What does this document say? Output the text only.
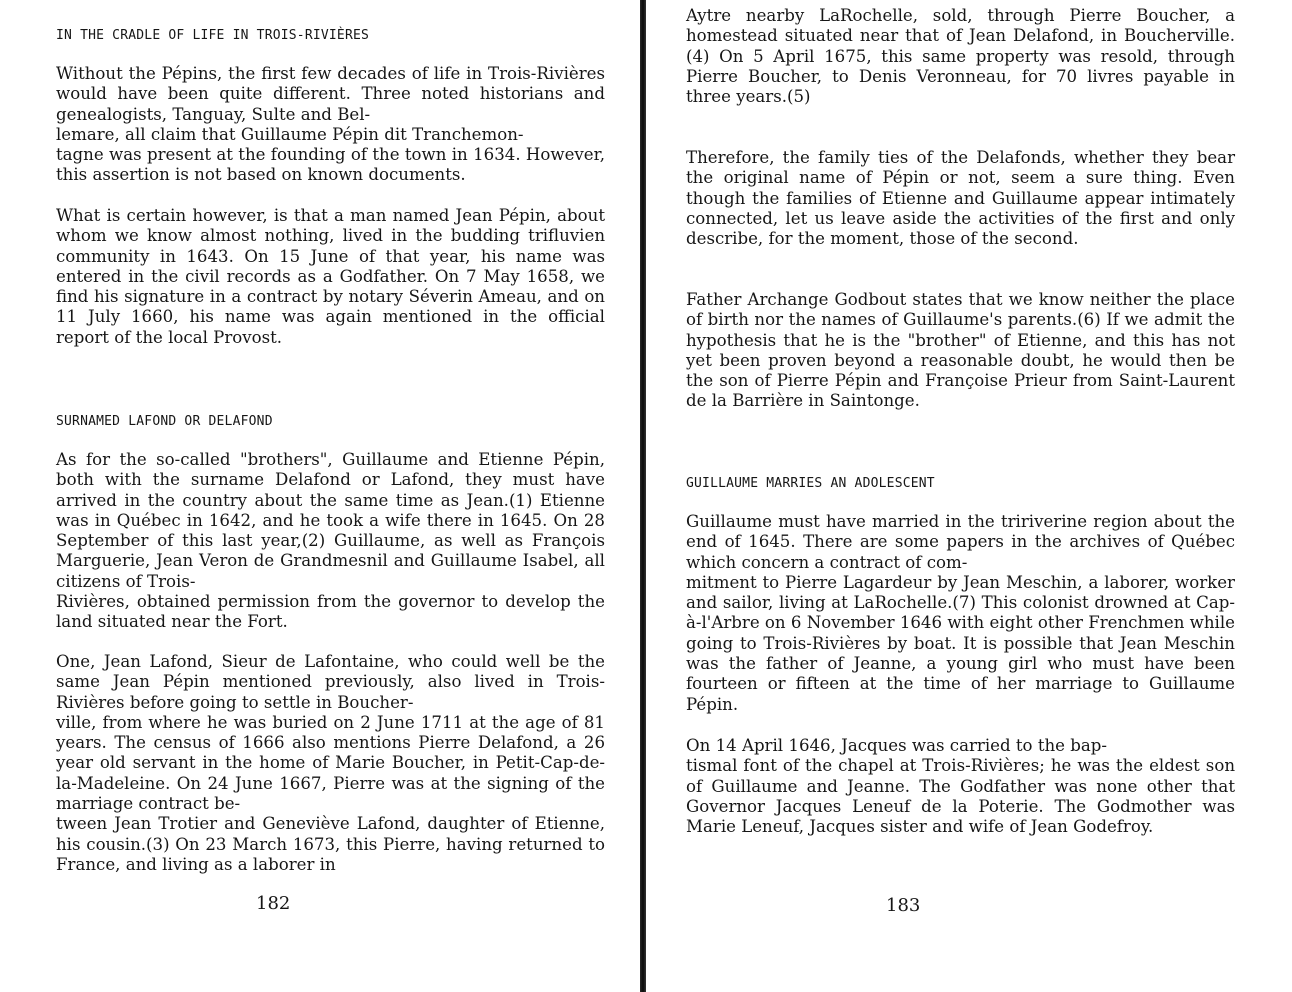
IN THE CRADLE OF LIFE IN TROIS-RIVIÈRES
Without the Pépins, the first few decades of life in Trois-Rivières would have been quite different. Three noted historians and genealogists, Tanguay, Sulte and Bel-
lemare, all claim that Guillaume Pépin dit Tranchemon-
tagne was present at the founding of the town in 1634. However, this assertion is not based on known documents.
What is certain however, is that a man named Jean Pépin, about whom we know almost nothing, lived in the budding trifluvien community in 1643. On 15 June of that year, his name was entered in the civil records as a Godfather. On 7 May 1658, we find his signature in a contract by notary Séverin Ameau, and on 11 July 1660, his name was again mentioned in the official report of the local Provost.
SURNAMED LAFOND OR DELAFOND
As for the so-called "brothers", Guillaume and Etienne Pépin, both with the surname Delafond or Lafond, they must have arrived in the country about the same time as Jean.(1) Etienne was in Québec in 1642, and he took a wife there in 1645. On 28 September of this last year,(2) Guillaume, as well as François Marguerie, Jean Veron de Grandmesnil and Guillaume Isabel, all citizens of Trois-
Rivières, obtained permission from the governor to develop the land situated near the Fort.
One, Jean Lafond, Sieur de Lafontaine, who could well be the same Jean Pépin mentioned previously, also lived in Trois-Rivières before going to settle in Boucher-
ville, from where he was buried on 2 June 1711 at the age of 81 years. The census of 1666 also mentions Pierre Delafond, a 26 year old servant in the home of Marie Boucher, in Petit-Cap-de-la-Madeleine. On 24 June 1667, Pierre was at the signing of the marriage contract be-
tween Jean Trotier and Geneviève Lafond, daughter of Etienne, his cousin.(3) On 23 March 1673, this Pierre, having returned to France, and living as a laborer in
182
Aytre nearby LaRochelle, sold, through Pierre Boucher, a homestead situated near that of Jean Delafond, in Boucherville.(4) On 5 April 1675, this same property was resold, through Pierre Boucher, to Denis Veronneau, for 70 livres payable in three years.(5)
Therefore, the family ties of the Delafonds, whether they bear the original name of Pépin or not, seem a sure thing. Even though the families of Etienne and Guillaume appear intimately connected, let us leave aside the activities of the first and only describe, for the moment, those of the second.
Father Archange Godbout states that we know neither the place of birth nor the names of Guillaume's parents.(6) If we admit the hypothesis that he is the "brother" of Etienne, and this has not yet been proven beyond a reasonable doubt, he would then be the son of Pierre Pépin and Françoise Prieur from Saint-Laurent de la Barrière in Saintonge.
GUILLAUME MARRIES AN ADOLESCENT
Guillaume must have married in the tririverine region about the end of 1645. There are some papers in the archives of Québec which concern a contract of com-
mitment to Pierre Lagardeur by Jean Meschin, a laborer, worker and sailor, living at LaRochelle.(7) This colonist drowned at Cap-à-l'Arbre on 6 November 1646 with eight other Frenchmen while going to Trois-Rivières by boat. It is possible that Jean Meschin was the father of Jeanne, a young girl who must have been fourteen or fifteen at the time of her marriage to Guillaume Pépin.
On 14 April 1646, Jacques was carried to the bap-
tismal font of the chapel at Trois-Rivières; he was the eldest son of Guillaume and Jeanne. The Godfather was none other that Governor Jacques Leneuf de la Poterie. The Godmother was Marie Leneuf, Jacques sister and wife of Jean Godefroy.
183
